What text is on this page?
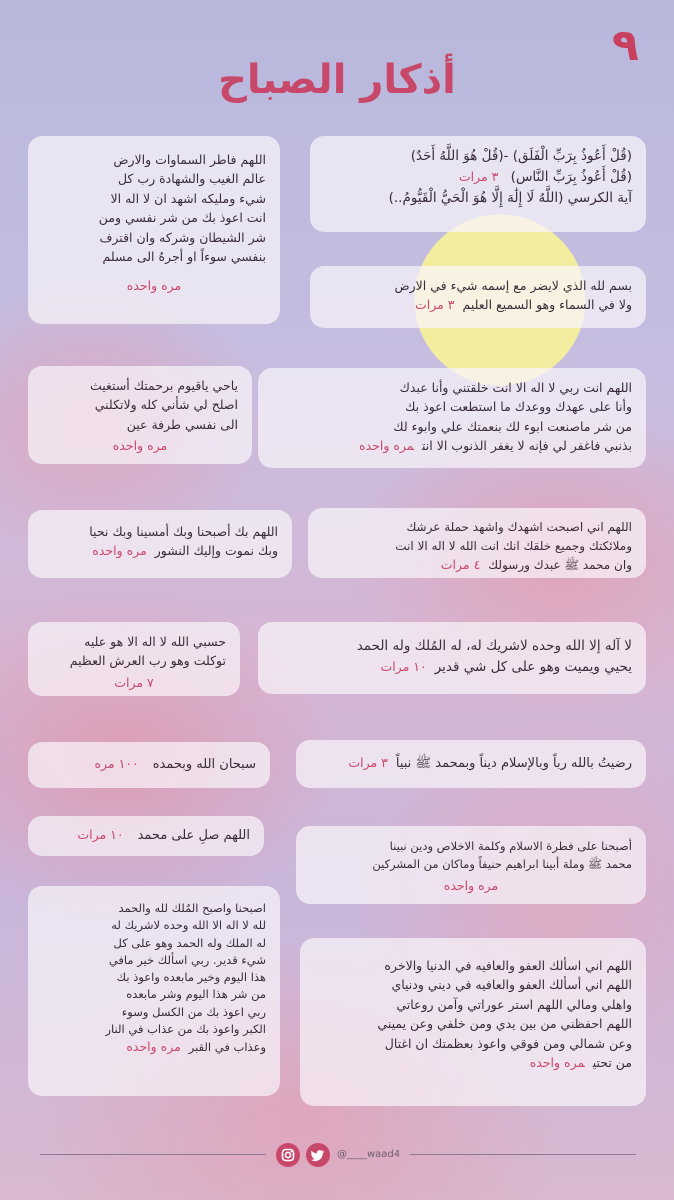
٩
أذكار الصباح
(قُلْ أَعُوذُ بِرَبِّ الْفَلَق) -(قُلْ هُوَ اللَّهُ أَحَدٌ)
(قُلْ أَعُوذُ بِرَبِّ النَّاس) ٣ مرات
آية الكرسي (اللَّهُ لَا إِلَٰهَ إِلَّا هُوَ الْحَيُّ الْقَيُّومُ..)
بسم لله الذي لايضر مع إسمه شيء في الارض
ولا في السماء وهو السميع العليم٣ مرات
اللهم انت ربي لا اله الا انت خلقتني وأنا عبدك
وأنا على عهدك ووعدك ما استطعت اعوذ بك
من شر ماصنعت ابوء لك بنعمتك علي وابوء لك
بذنبي فاغفر لي فإنه لا يغفر الذنوب الا انتمره واحده
اللهم اني اصبحت اشهدك واشهد حملة عرشك
وملائكتك وجميع خلقك انك انت الله لا اله الا انت
وان محمد ﷺ عبدك ورسولك٤ مرات
لا آله إلا الله وحده لاشريك له، له المُلك وله الحمد
يحيي ويميت وهو على كل شي قدير١٠ مرات
رضيتُ بالله رباً وبالإسلام ديناً وبمحمد ﷺ نبياً٣ مرات
أصبحنا على فطرة الاسلام وكلمة الاخلاص ودين نبينا
محمد ﷺ وملة أبينا ابراهيم حنيفاً وماكان من المشركين
مره واحده
اللهم اني اسألك العفو والعافيه في الدنيا والاخره
اللهم اني أسألك العفو والعافيه في ديني ودنياي
واهلي ومالي اللهم استر عوراتي وآمن روعاتي
اللهم احفظني من بين يدي ومن خلفي وعن يميني
وعن شمالي ومن فوقي واعوذ بعظمتك ان اغتال
من تحتيمره واحده
اللهم فاطر السماوات والارض
عالم الغيب والشهادة رب كل
شيء ومليكه اشهد ان لا اله الا
انت اعوذ بك من شر نفسي ومن
شر الشيطان وشركه وان اقترف
بنفسي سوءاً او أجرهُ الى مسلم
مره واحده
ياحي ياقيوم برحمتك أستغيث
اصلح لي شأني كله ولاتكلني
الى نفسي طرفة عين
مره واحده
اللهم بك أصبحنا وبك أمسينا وبك نحيا
وبك نموت وإليك النشورمره واحده
حسبي الله لا اله الا هو عليه
توكلت وهو رب العرش العظيم
٧ مرات
سبحان الله وبحمده١٠٠ مره
اللهم صلِ على محمد١٠ مرات
اصبحنا واصبح المُلك لله والحمد
لله لا اله الا الله وحده لاشريك له
له الملك وله الحمد وهو على كل
شيء قدير. ربي اسألك خير مافي
هذا اليوم وخير مابعده واعوذ بك
من شر هذا اليوم وشر مابعده
ربي اعوذ بك من الكسل وسوء
الكبر واعوذ بك من عذاب في النار
وعذاب في القبرمره واحده
@____waad4
